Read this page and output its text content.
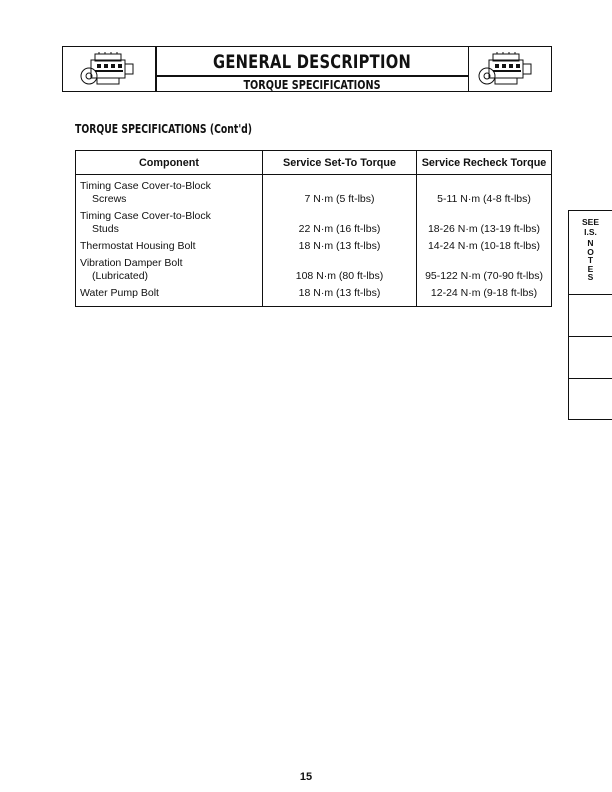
GENERAL DESCRIPTION
TORQUE SPECIFICATIONS
TORQUE SPECIFICATIONS (Cont'd)
Component	Service Set-To Torque	Service Recheck Torque

Timing Case Cover-to-Block
Screws	7 N·m (5 ft-lbs)	5-11 N·m (4-8 ft-lbs)

Timing Case Cover-to-Block
Studs	22 N·m (16 ft-lbs)	18-26 N·m (13-19 ft-lbs)

Thermostat Housing Bolt	18 N·m (13 ft-lbs)	14-24 N·m (10-18 ft-lbs)

Vibration Damper Bolt
(Lubricated)	108 N·m (80 ft-lbs)	95-122 N·m (70-90 ft-lbs)

Water Pump Bolt	18 N·m (13 ft-lbs)	12-24 N·m (9-18 ft-lbs)
SEE
I.S.
N
O
T
E
S
15
